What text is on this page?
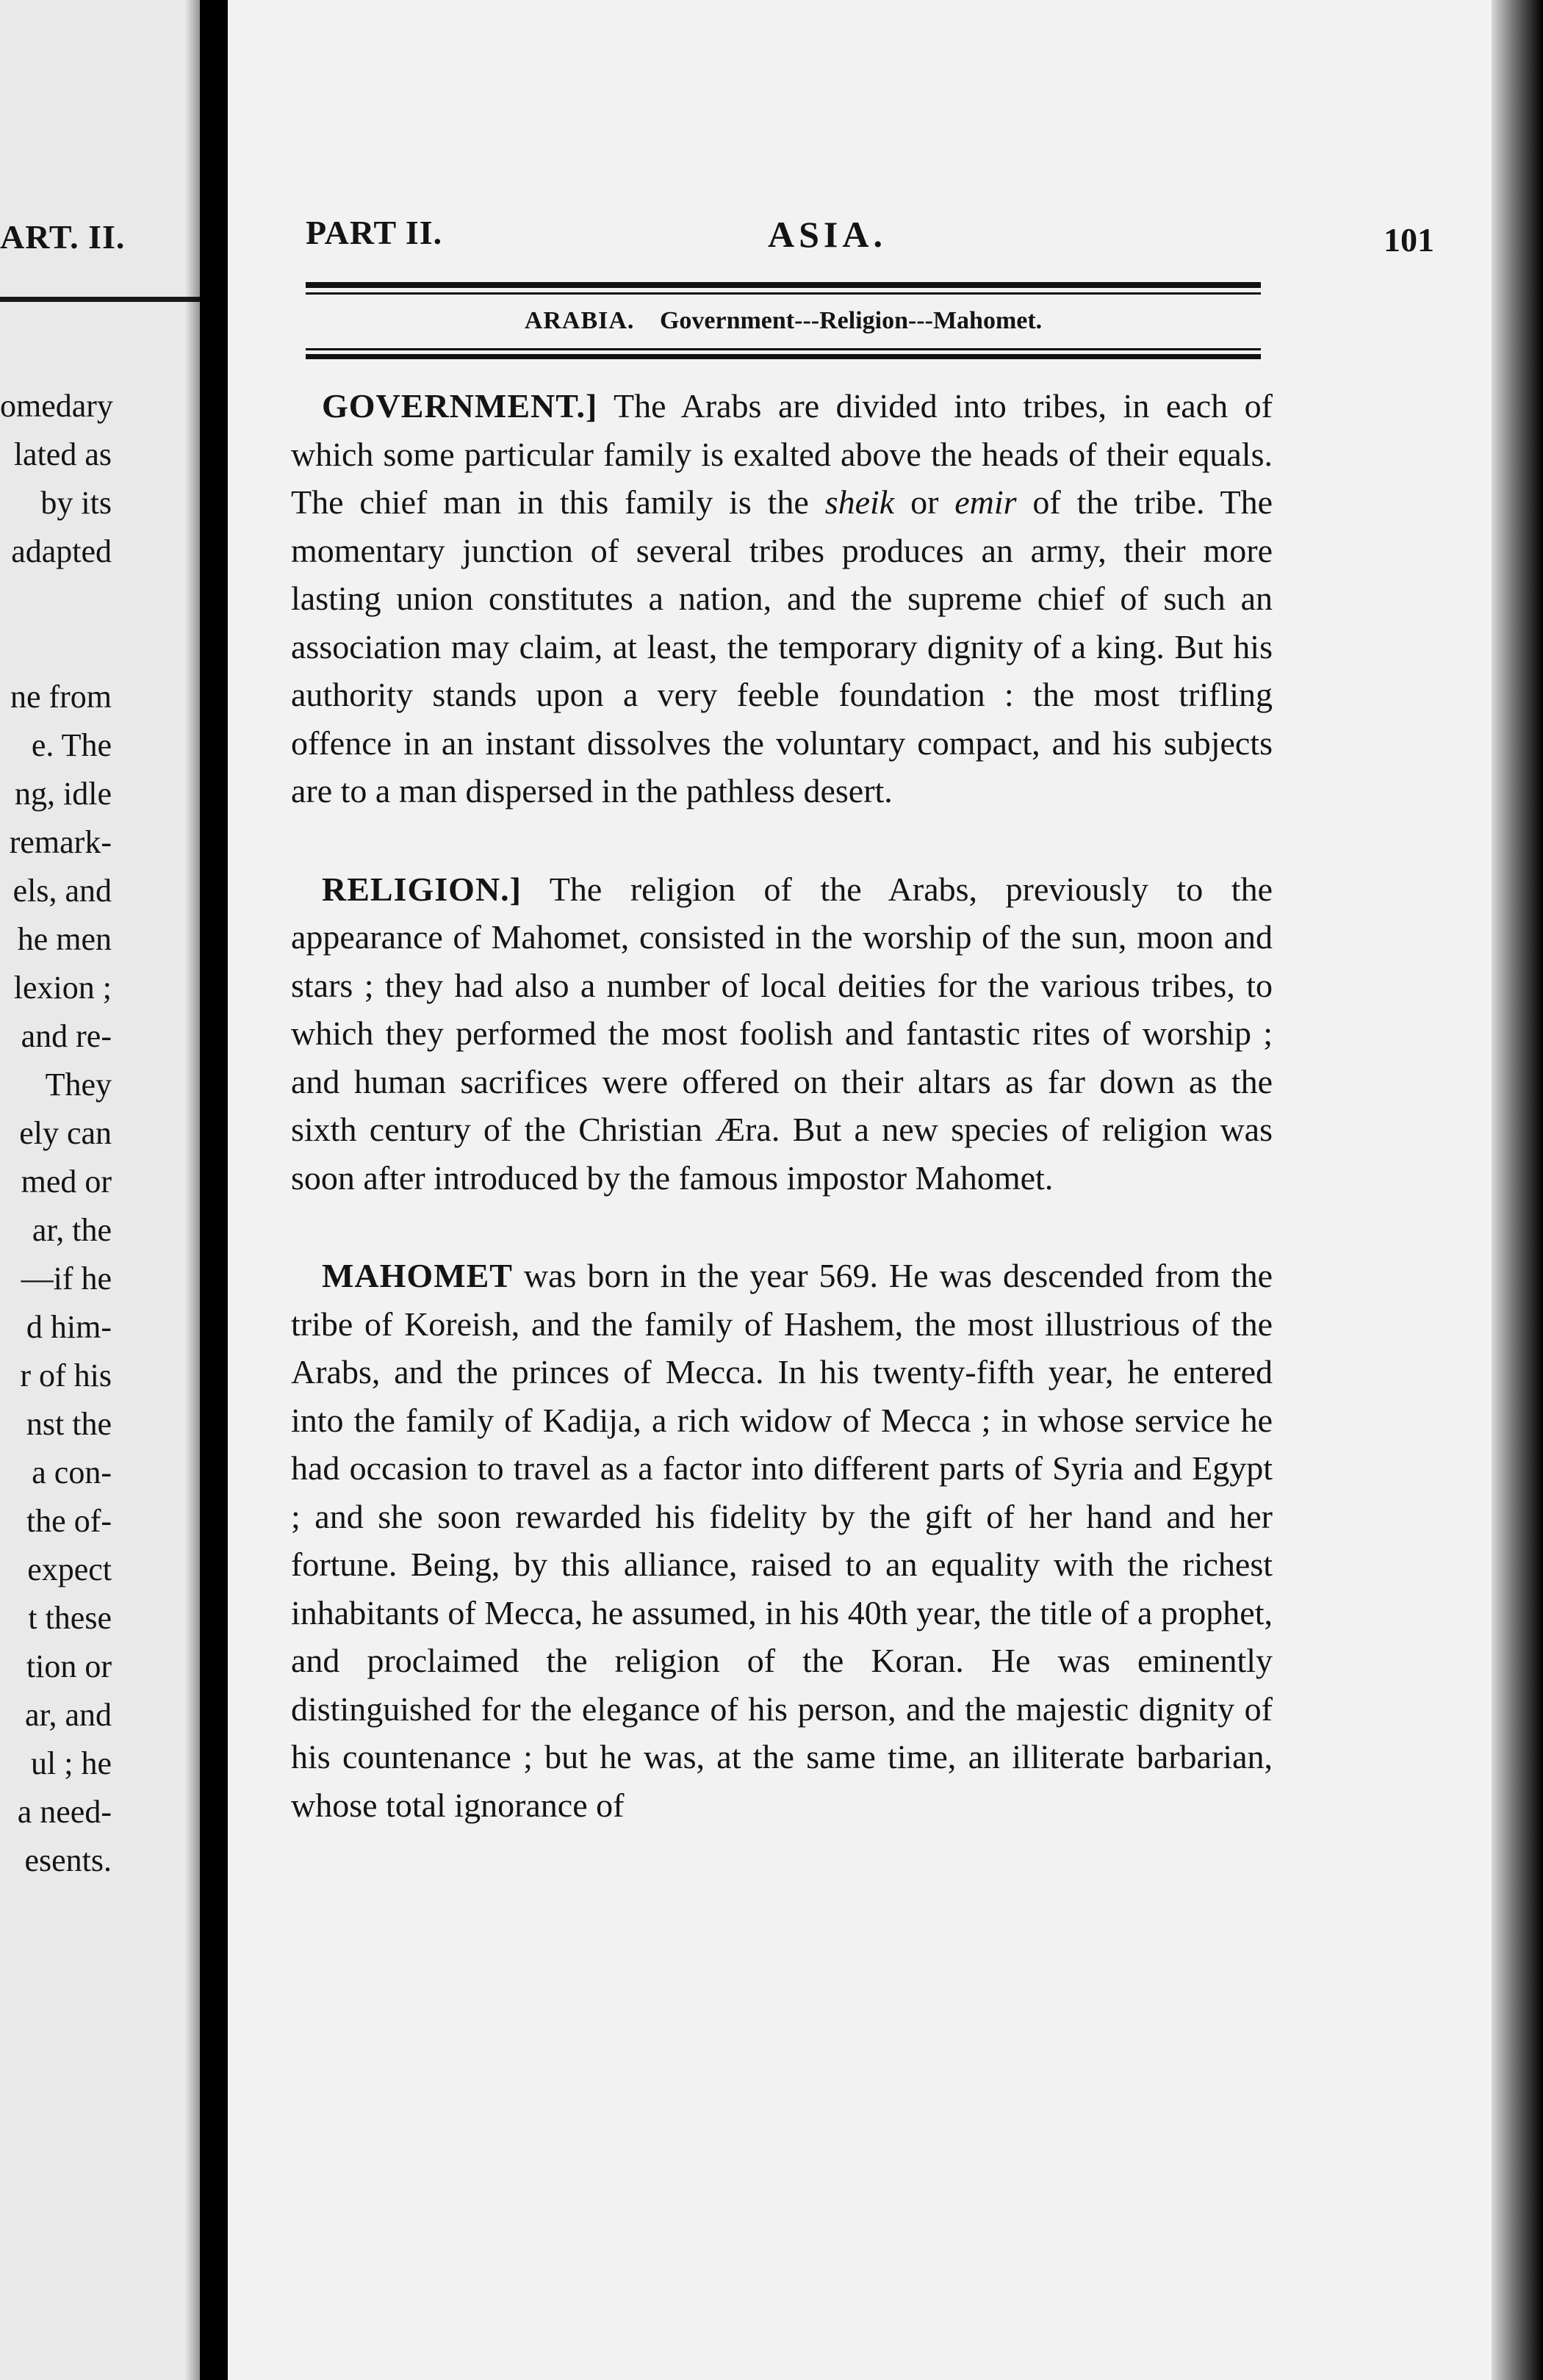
ART. II.
omedary
lated as
by its
adapted
ne from
e. The
ng, idle
remark-
els, and
he men
lexion ;
and re-
They
ely can
med or
ar, the
—if he
d him-
r of his
nst the
a con-
the of-
expect
t these
tion or
ar, and
ul ; he
a need-
esents.
PART II.	ASIA.	101
ARABIA. Government---Religion---Mahomet.

GOVERNMENT.] The Arabs are divided into tribes, in each of which some particular family is exalted above the heads of their equals. The chief man in this family is the sheik or emir of the tribe. The momentary junction of several tribes produces an army, their more lasting union constitutes a nation, and the supreme chief of such an association may claim, at least, the temporary dignity of a king. But his authority stands upon a very feeble foundation : the most trifling offence in an instant dissolves the voluntary compact, and his subjects are to a man dispersed in the pathless desert.

RELIGION.] The religion of the Arabs, previously to the appearance of Mahomet, consisted in the worship of the sun, moon and stars ; they had also a number of local deities for the various tribes, to which they performed the most foolish and fantastic rites of worship ; and human sacrifices were offered on their altars as far down as the sixth century of the Christian Æra. But a new species of religion was soon after introduced by the famous impostor Mahomet.

MAHOMET was born in the year 569. He was descended from the tribe of Koreish, and the family of Hashem, the most illustrious of the Arabs, and the princes of Mecca. In his twenty-fifth year, he entered into the family of Kadija, a rich widow of Mecca ; in whose service he had occasion to travel as a factor into different parts of Syria and Egypt ; and she soon rewarded his fidelity by the gift of her hand and her fortune. Being, by this alliance, raised to an equality with the richest inhabitants of Mecca, he assumed, in his 40th year, the title of a prophet, and proclaimed the religion of the Koran. He was eminently distinguished for the elegance of his person, and the majestic dignity of his countenance ; but he was, at the same time, an illiterate barbarian, whose total ignorance of
